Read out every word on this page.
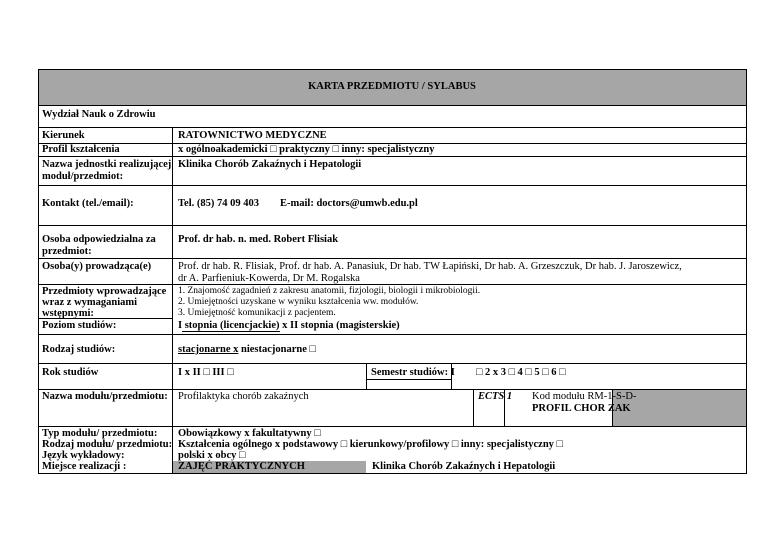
KARTA PRZEDMIOTU / SYLABUS
Wydział Nauk o Zdrowiu
Kierunek	RATOWNICTWO MEDYCZNE
Profil kształcenia	x ogólnoakademicki □ praktyczny □ inny: specjalistyczny
Nazwa jednostki realizującej
moduł/przedmiot:
Klinika Chorób Zakaźnych i Hepatologii
Kontakt (tel./email):	Tel. (85) 74 09 403 E-mail: doctors@umwb.edu.pl
Osoba odpowiedzialna za
przedmiot:
Prof. dr hab. n. med. Robert Flisiak
Osoba(y) prowadząca(e)	Prof. dr hab. R. Flisiak, Prof. dr hab. A. Panasiuk, Dr hab. TW Łapiński, Dr hab. A. Grzeszczuk, Dr hab. J. Jaroszewicz,
dr A. Parfieniuk-Kowerda, Dr M. Rogalska
Przedmioty wprowadzające
wraz z wymaganiami
wstępnymi:
1. Znajomość zagadnień z zakresu anatomii, fizjologii, biologii i mikrobiologii.
2. Umiejętności uzyskane w wyniku kształcenia ww. modułów.
3. Umiejętność komunikacji z pacjentem.
Poziom studiów:	I stopnia (licencjackie) x II stopnia (magisterskie)
Rodzaj studiów:	stacjonarne x niestacjonarne □
Rok studiów	I x II □ III □	Semestr studiów: I □ 2 x 3 □ 4 □ 5 □ 6 □
Nazwa modułu/przedmiotu: Profilaktyka chorób zakaźnych	ECTS 1 Kod modułu RM-1-S-D-
PROFIL CHOR ZAK
Typ modułu/ przedmiotu: Obowiązkowy x fakultatywny □
Rodzaj modułu/ przedmiotu: Kształcenia ogólnego x podstawowy □ kierunkowy/profilowy □ inny: specjalistyczny □
Język wykładowy:	polski x obcy □
Miejsce realizacji :	ZAJĘĆ PRAKTYCZNYCH	Klinika Chorób Zakaźnych i Hepatologii
